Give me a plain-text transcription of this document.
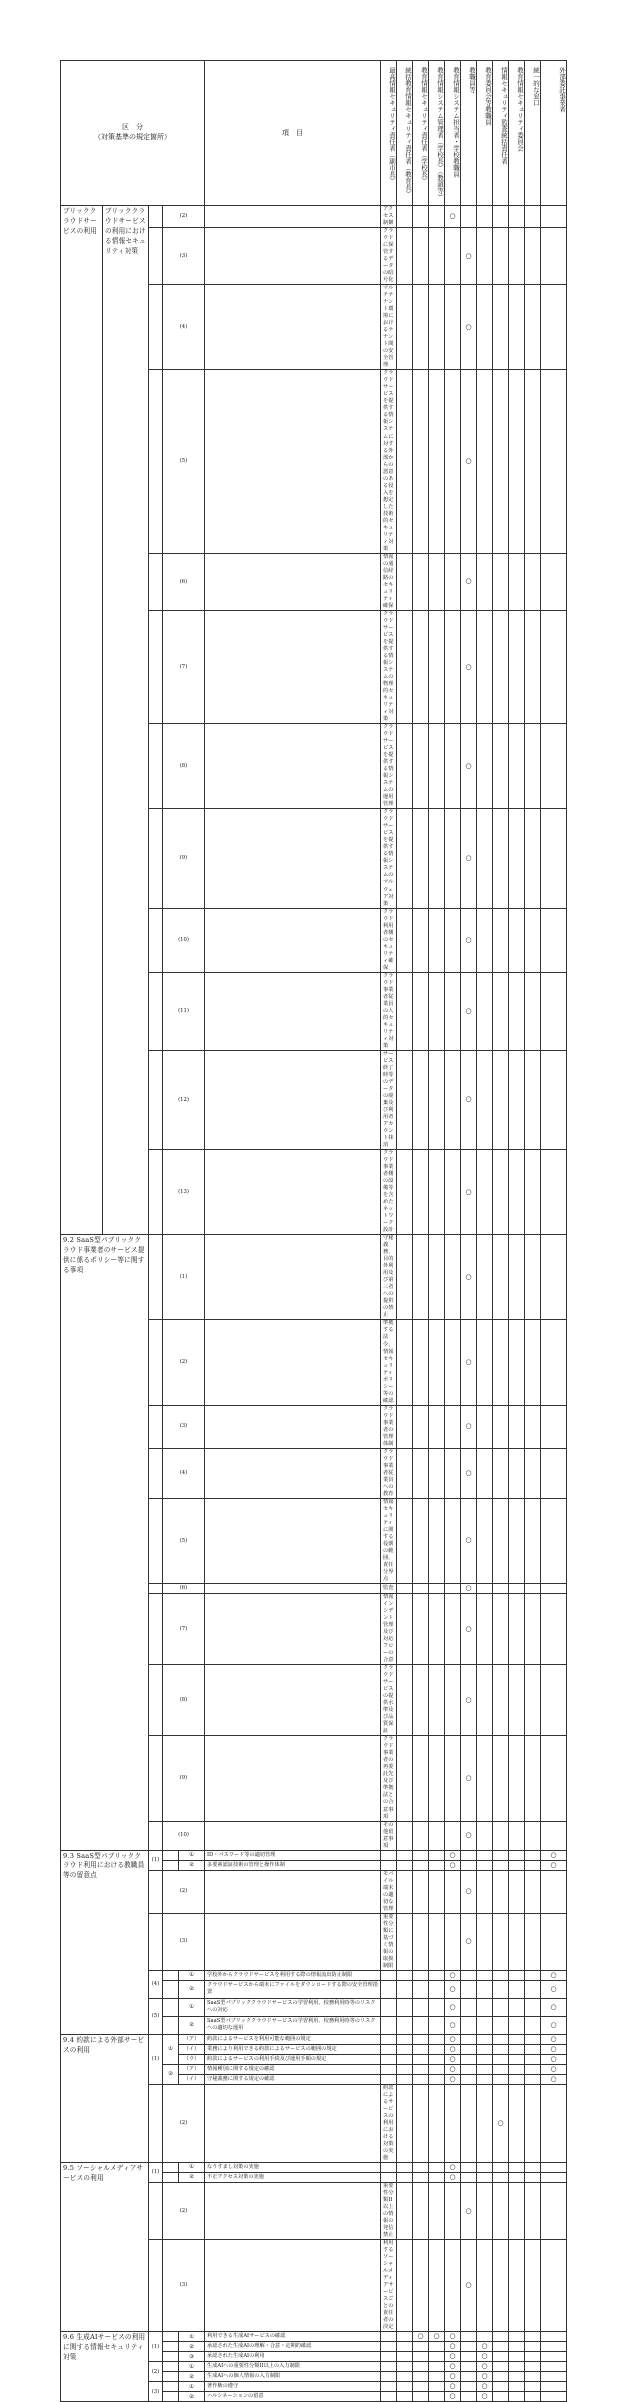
区　分
（対策基準の規定箇所）					項　目	最高情報セキュリティ責任者（副市長）	統括教育情報セキュリティ責任者（教育長）	教育情報セキュリティ責任者（学校長）	教育情報システム管理者（学校長）（教頭等）	教育情報システム担当者・学校教職員	教職員等	教育委員会等教職員	情報セキュリティ監査統括責任者	教育情報セキュリティ委員会	統一的な窓口	外部委託事業者	
ブリッククラウドサービスの利用	ブリッククラウドサービスの利用における情報セキュリティ対策		(2)			アクセス制御				○							
			(3)			クラウドに保管するデータの暗号化					○						
			(4)			マルチテナント環境におけるテナント間の安全管理					○						
			(5)			クラウドサービスを提供する情報システムに対する外部からの悪意のある侵入を想定した技術的セキュリティ対策					○						
			(6)			情報の通信経路のセキュリティ確保					○						
			(7)			クラウドサービスを提供する情報システムの物理的セキュリティ対策					○						
			(8)			クラウドサービスを提供する情報システムの運用管理					○						
			(9)			クラウドサービスを提供する情報システムのマルウェア対策					○						
			(10)			クラウド利用者側のセキュリティ確保					○						
			(11)			クラウド事業者従業員の人的セキュリティ対策					○						
			(12)			サービス終了時等のデータの廃棄及び利用者アカウント抹消					○						
			(13)			クラウド事業者側の設備等を含めたネットワーク設計					○						
9.2 SaaS型パブリッククラウド事業者のサービス提供に係るポリシー等に関する事項			(1)			守秘義務、目的外利用及び第三者への提供の禁止					○						
			(2)			準拠する法令、情報セキュリティポリシー等の確認					○						
			(3)			クラウド事業者の管理体制					○						
			(4)			クラウド事業者従業員への教育					○						
			(5)			情報セキュリティに関する役割の範囲、責任分界点					○						
			(6)			監査					○						
			(7)			情報インシデント管理及び対応フローの合意					○						
			(8)			クラウドサービスの提供水準及び品質保証					○						
			(9)			クラウド事業者の再委託先及び準拠法との合意事項					○						
			(10)			その他留意事項					○						
9.3 SaaS型パブリッククラウド利用における教職員等の留意点		(1)		①	ID・パスワード等の適切管理					○						○	
				②	多要素認証技術の管理と操作体制					○						○	
			(2)			モバイル端末の適切な管理					○						
			(3)			重要性分類に基づく情報の取扱制限					○						
		(4)		①	学校外からクラウドサービスを利用する際の情報流出防止制限					○						○	
				②	クラウドサービスから端末にファイルをダウンロードする際の安全管理措置					○						○	
		(5)		①	SaaS型パブリッククラウドサービスの学習利用、校務利用時等のリスクへの対応					○						○	
				②	SaaS型パブリッククラウドサービスの学習利用、校務利用時等のリスクへの適切な運用					○						○	
9.4 約款による外部サービスの利用		(1)	①	（ア）	約款によるサービスを利用可能な範囲の規定					○						○	
				（イ）	業務により利用できる約款によるサービスの範囲の規定					○						○	
				（ウ）	約款によるサービスの利用手続及び運用手順の規定					○						○	
			②	（ア）	情報種別に関する規定の確認					○						○	
				（イ）	守秘義務に関する規定の確認					○						○	
			(2)			約款によるサービスの利用における対策の実施							○				
9.5 ソーシャルメディアサービスの利用		(1)		①	なりすまし対策の実施					○							
				②	不正アクセス対策の実施					○							
			(2)			重要性分類II以上の情報の発信禁止					○						
			(3)			利用するソーシャルメディアサービスごとの責任者の決定					○						
9.6 生成AIサービスの利用に関する情報セキュリティ対策		(1)		①	利用できる生成AIサービスの確認			○	○	○							
				②	承認された生成AIの理解・合意・定期的確認					○		○					
				③	承認された生成AIの利用					○		○					
		(2)		①	生成AIへの重要性分類II以上の入力制限					○		○					
				②	生成AIへの個人情報の入力制限					○		○					
		(3)		①	著作権の遵守					○		○					
				②	ハルシネーションの留意					○		○					
